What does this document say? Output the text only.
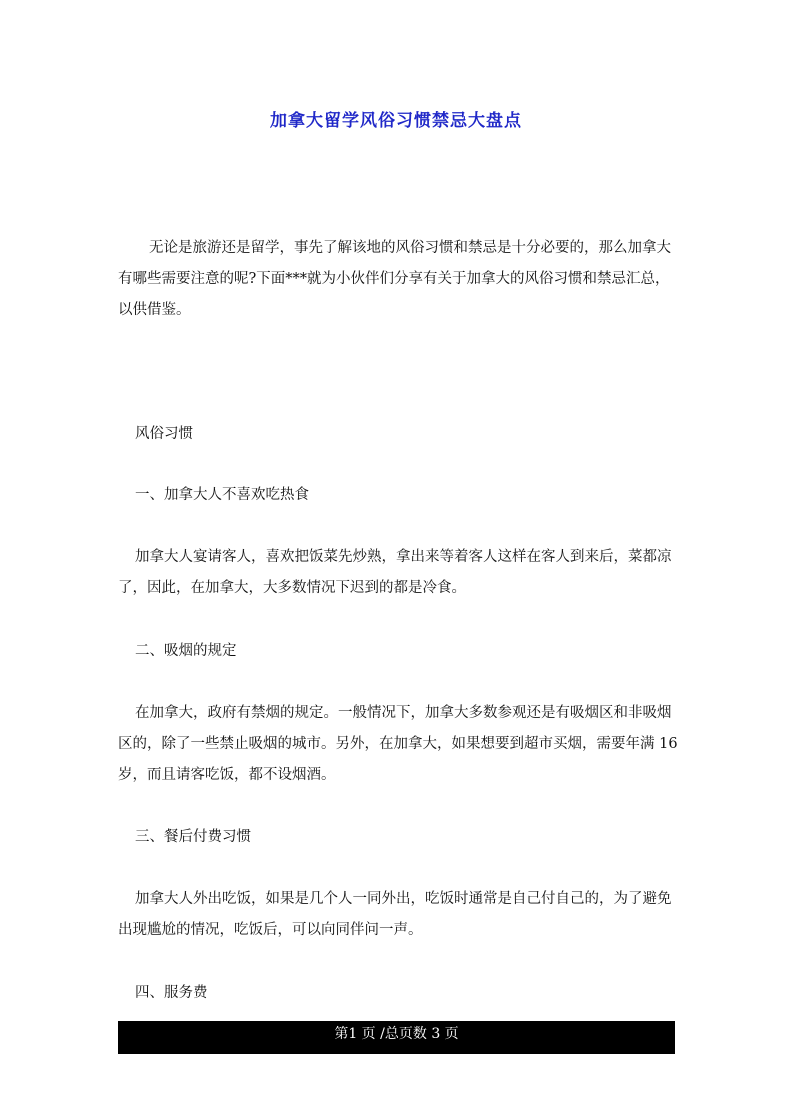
加拿大留学风俗习惯禁忌大盘点

无论是旅游还是留学，事先了解该地的风俗习惯和禁忌是十分必要的，那么加拿大有哪些需要注意的呢?下面***就为小伙伴们分享有关于加拿大的风俗习惯和禁忌汇总，以供借鉴。

风俗习惯

一、加拿大人不喜欢吃热食

加拿大人宴请客人，喜欢把饭菜先炒熟，拿出来等着客人这样在客人到来后，菜都凉了，因此，在加拿大，大多数情况下迟到的都是冷食。

二、吸烟的规定

在加拿大，政府有禁烟的规定。一般情况下，加拿大多数参观还是有吸烟区和非吸烟区的，除了一些禁止吸烟的城市。另外，在加拿大，如果想要到超市买烟，需要年满 16 岁，而且请客吃饭，都不设烟酒。

三、餐后付费习惯

加拿大人外出吃饭，如果是几个人一同外出，吃饭时通常是自己付自己的，为了避免出现尴尬的情况，吃饭后，可以向同伴问一声。

四、服务费

第1 页 /总页数 3 页
